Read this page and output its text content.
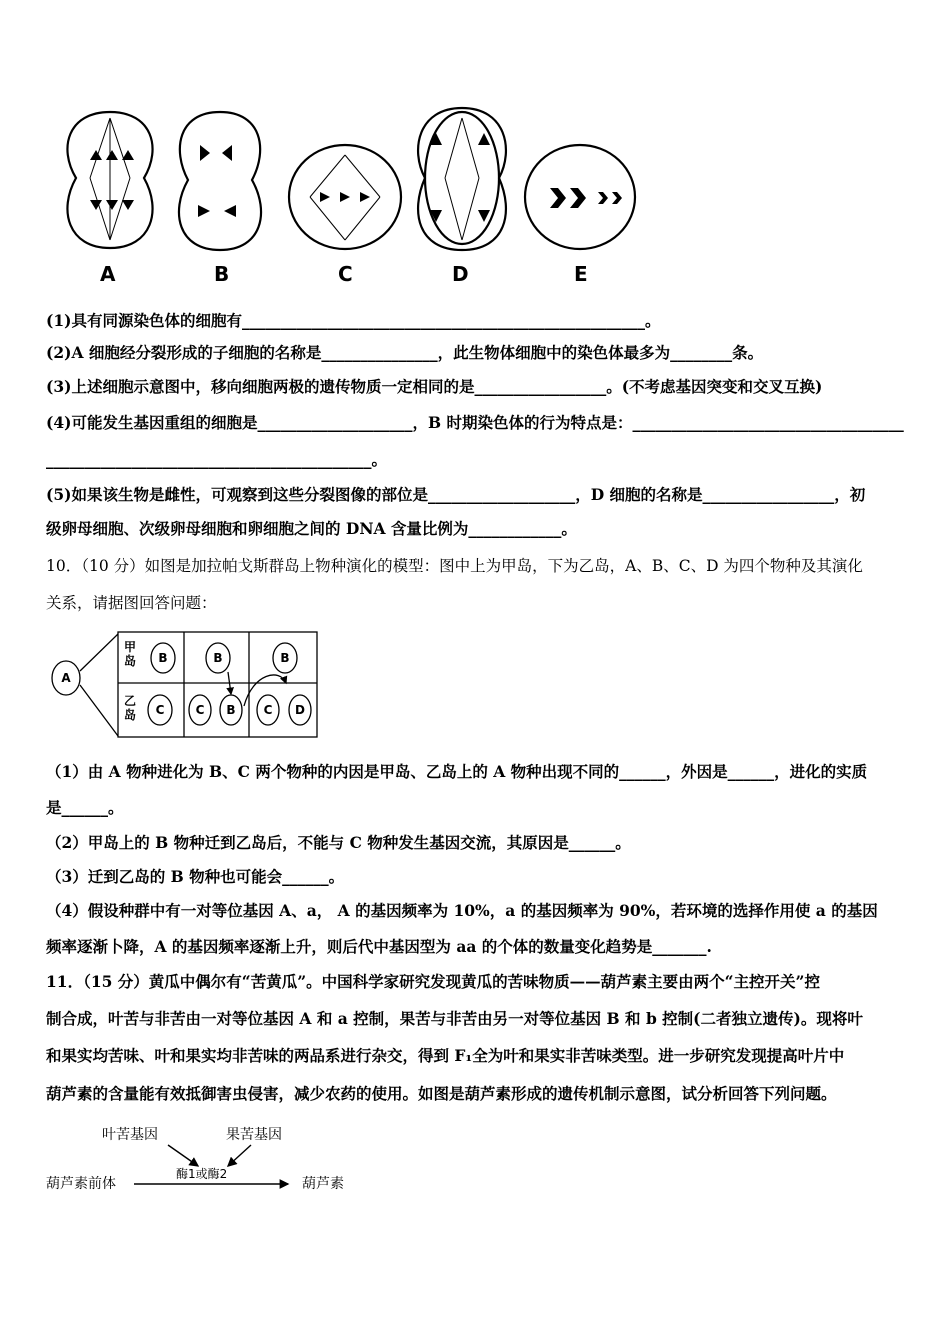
A	B	C	D	E
(1)具有同源染色体的细胞有____________________________________________________。
(2)A 细胞经分裂形成的子细胞的名称是_______________，此生物体细胞中的染色体最多为________条。
(3)上述细胞示意图中，移向细胞两极的遗传物质一定相同的是_________________。(不考虑基因突变和交叉互换)
(4)可能发生基因重组的细胞是____________________，B 时期染色体的行为特点是：___________________________________
__________________________________________。
(5)如果该生物是雌性，可观察到这些分裂图像的部位是___________________，D 细胞的名称是_________________，初
级卵母细胞、次级卵母细胞和卵细胞之间的 DNA 含量比例为____________。
10．（10 分）如图是加拉帕戈斯群岛上物种演化的模型：图中上为甲岛，下为乙岛，A、B、C、D 为四个物种及其演化
关系，请据图回答问题：
A
B	B	B
C	C B C D
甲岛
乙岛
（1）由 A 物种进化为 B、C 两个物种的内因是甲岛、乙岛上的 A 物种出现不同的______，外因是______，进化的实质
是______。
（2）甲岛上的 B 物种迁到乙岛后，不能与 C 物种发生基因交流，其原因是______。
（3）迁到乙岛的 B 物种也可能会______。
（4）假设种群中有一对等位基因 A、a， A 的基因频率为 10%，a 的基因频率为 90%，若环境的选择作用使 a 的基因
频率逐渐卜降，A 的基因频率逐渐上升，则后代中基因型为 aa 的个体的数量变化趋势是_______.
11．（15 分）黄瓜中偶尔有“苦黄瓜”。中国科学家研究发现黄瓜的苦味物质——葫芦素主要由两个“主控开关”控
制合成，叶苦与非苦由一对等位基因 A 和 a 控制，果苦与非苦由另一对等位基因 B 和 b 控制(二者独立遗传)。现将叶
和果实均苦味、叶和果实均非苦味的两品系进行杂交，得到 F₁全为叶和果实非苦味类型。进一步研究发现提高叶片中
葫芦素的含量能有效抵御害虫侵害，减少农药的使用。如图是葫芦素形成的遗传机制示意图，试分析回答下列问题。
叶苦基因	果苦基因
酶1或酶2
葫芦素前体	葫芦素
